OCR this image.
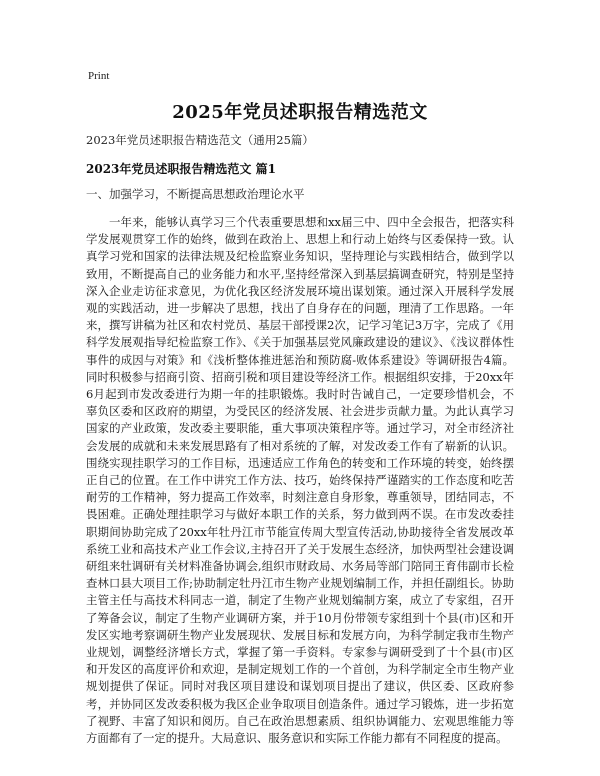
Print
2025年党员述职报告精选范文
2023年党员述职报告精选范文（通用25篇）
2023年党员述职报告精选范文 篇1
一、加强学习，不断提高思想政治理论水平

一年来，能够认真学习三个代表重要思想和xx届三中、四中全会报告，把落实科学发展观贯穿工作的始终，做到在政治上、思想上和行动上始终与区委保持一致。认真学习党和国家的法律法规及纪检监察业务知识，坚持理论与实践相结合，做到学以致用，不断提高自己的业务能力和水平,坚持经常深入到基层搞调查研究，特别是坚持深入企业走访征求意见，为优化我区经济发展环境出谋划策。通过深入开展科学发展观的实践活动，进一步解决了思想，找出了自身存在的问题，理清了工作思路。一年来，撰写讲稿为社区和农村党员、基层干部授课2次，记学习笔记3万字，完成了《用科学发展观指导纪检监察工作》、《关于加强基层党风廉政建设的建议》、《浅议群体性事件的成因与对策》和《浅析整体推进惩治和预防腐-败体系建设》等调研报告4篇。同时积极参与招商引资、招商引税和项目建设等经济工作。根据组织安排，于20xx年6月起到市发改委进行为期一年的挂职锻炼。我时时告诫自己，一定要珍惜机会，不辜负区委和区政府的期望，为受民区的经济发展、社会进步贡献力量。为此认真学习国家的产业政策，发改委主要职能，重大事项决策程序等。通过学习，对全市经济社会发展的成就和未来发展思路有了相对系统的了解，对发改委工作有了崭新的认识。围绕实现挂职学习的工作目标，迅速适应工作角色的转变和工作环境的转变，始终摆正自己的位置。在工作中讲究工作方法、技巧，始终保持严谨踏实的工作态度和吃苦耐劳的工作精神，努力提高工作效率，时刻注意自身形象，尊重领导，团结同志，不畏困难。正确处理挂职学习与做好本职工作的关系，努力做到两不误。在市发改委挂职期间协助完成了20xx年牡丹江市节能宣传周大型宣传活动,协助接待全省发展改革系统工业和高技术产业工作会议,主持召开了关于发展生态经济，加快两型社会建设调研组来牡调研有关材料准备协调会,组织市财政局、水务局等部门陪同王育伟副市长检查林口县大项目工作;协助制定牡丹江市生物产业规划编制工作，并担任副组长。协助主管主任与高技术科同志一道，制定了生物产业规划编制方案，成立了专家组，召开了筹备会议，制定了生物产业调研方案，并于10月份带领专家组到十个县(市)区和开发区实地考察调研生物产业发展现状、发展目标和发展方向，为科学制定我市生物产业规划，调整经济增长方式，掌握了第一手资料。专家参与调研受到了十个县(市)区和开发区的高度评价和欢迎，是制定规划工作的一个首创，为科学制定全市生物产业规划提供了保证。同时对我区项目建设和谋划项目提出了建议，供区委、区政府参考，并协同区发改委积极为我区企业争取项目创造条件。通过学习锻炼，进一步拓宽了视野、丰富了知识和阅历。自己在政治思想素质、组织协调能力、宏观思维能力等方面都有了一定的提升。大局意识、服务意识和实际工作能力都有不同程度的提高。
